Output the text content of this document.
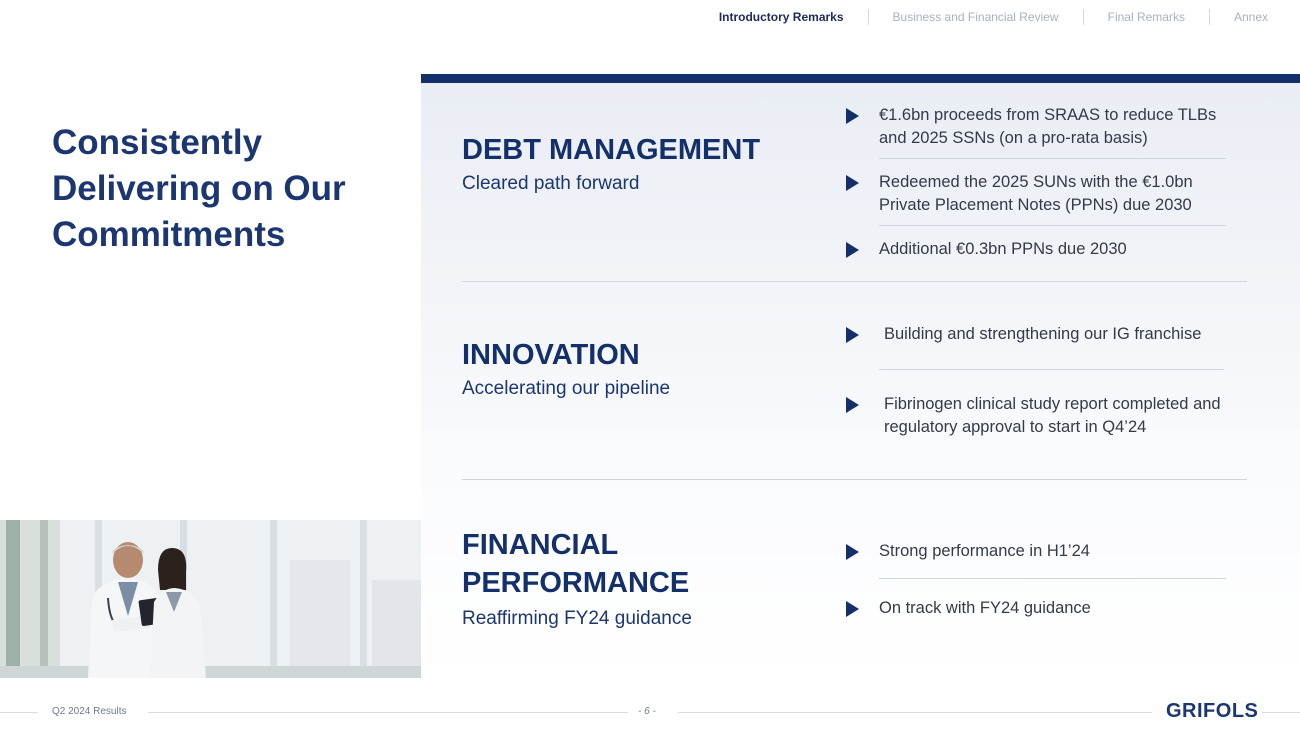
Introductory Remarks	Business and Financial Review	Final Remarks	Annex
Consistently
Delivering on Our
Commitments
DEBT MANAGEMENT
Cleared path forward
€1.6bn proceeds from SRAAS to reduce TLBs and 2025 SSNs (on a pro-rata basis)
Redeemed the 2025 SUNs with the €1.0bn Private Placement Notes (PPNs) due 2030
Additional €0.3bn PPNs due 2030
INNOVATION
Accelerating our pipeline
Building and strengthening our IG franchise
Fibrinogen clinical study report completed and regulatory approval to start in Q4’24
FINANCIAL
PERFORMANCE
Reaffirming FY24 guidance
Strong performance in H1’24
On track with FY24 guidance
Q2 2024 Results	- 6 -	GRIFOLS
